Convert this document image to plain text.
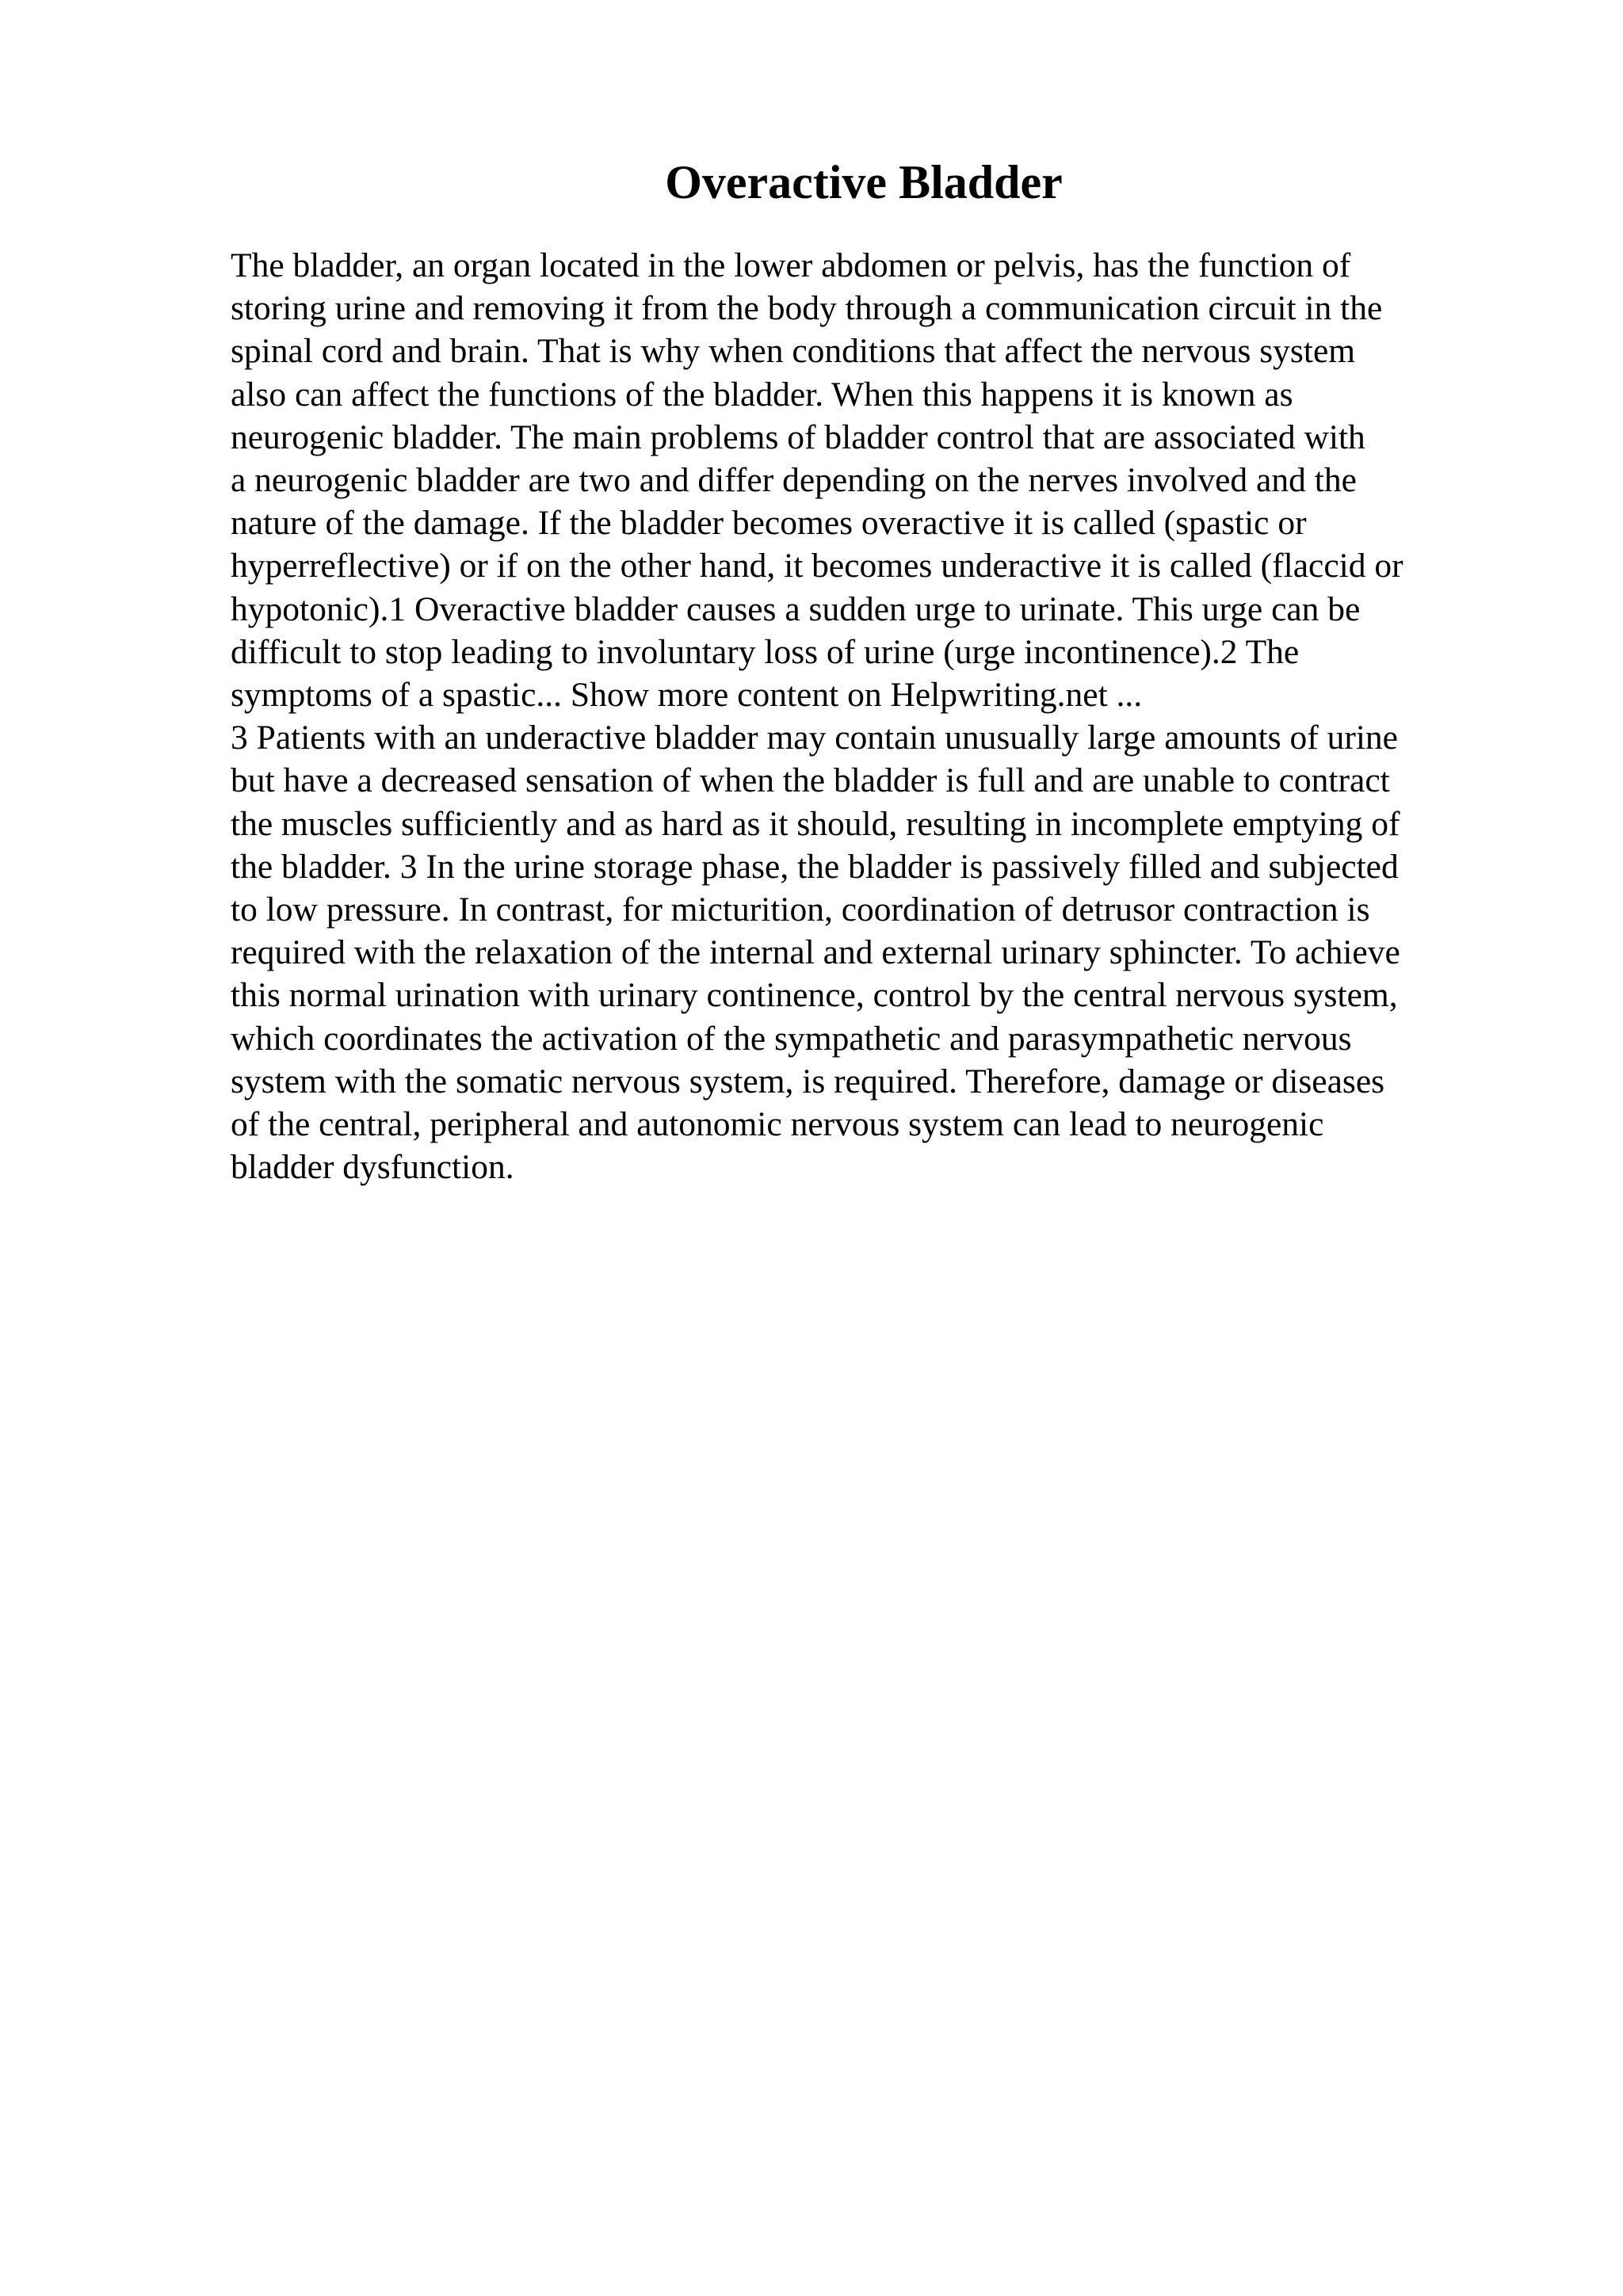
Overactive Bladder
The bladder, an organ located in the lower abdomen or pelvis, has the function of
storing urine and removing it from the body through a communication circuit in the
spinal cord and brain. That is why when conditions that affect the nervous system
also can affect the functions of the bladder. When this happens it is known as
neurogenic bladder. The main problems of bladder control that are associated with
a neurogenic bladder are two and differ depending on the nerves involved and the
nature of the damage. If the bladder becomes overactive it is called (spastic or
hyperreflective) or if on the other hand, it becomes underactive it is called (flaccid or
hypotonic).1 Overactive bladder causes a sudden urge to urinate. This urge can be
difficult to stop leading to involuntary loss of urine (urge incontinence).2 The
symptoms of a spastic... Show more content on Helpwriting.net ...
3 Patients with an underactive bladder may contain unusually large amounts of urine
but have a decreased sensation of when the bladder is full and are unable to contract
the muscles sufficiently and as hard as it should, resulting in incomplete emptying of
the bladder. 3 In the urine storage phase, the bladder is passively filled and subjected
to low pressure. In contrast, for micturition, coordination of detrusor contraction is
required with the relaxation of the internal and external urinary sphincter. To achieve
this normal urination with urinary continence, control by the central nervous system,
which coordinates the activation of the sympathetic and parasympathetic nervous
system with the somatic nervous system, is required. Therefore, damage or diseases
of the central, peripheral and autonomic nervous system can lead to neurogenic
bladder dysfunction.
